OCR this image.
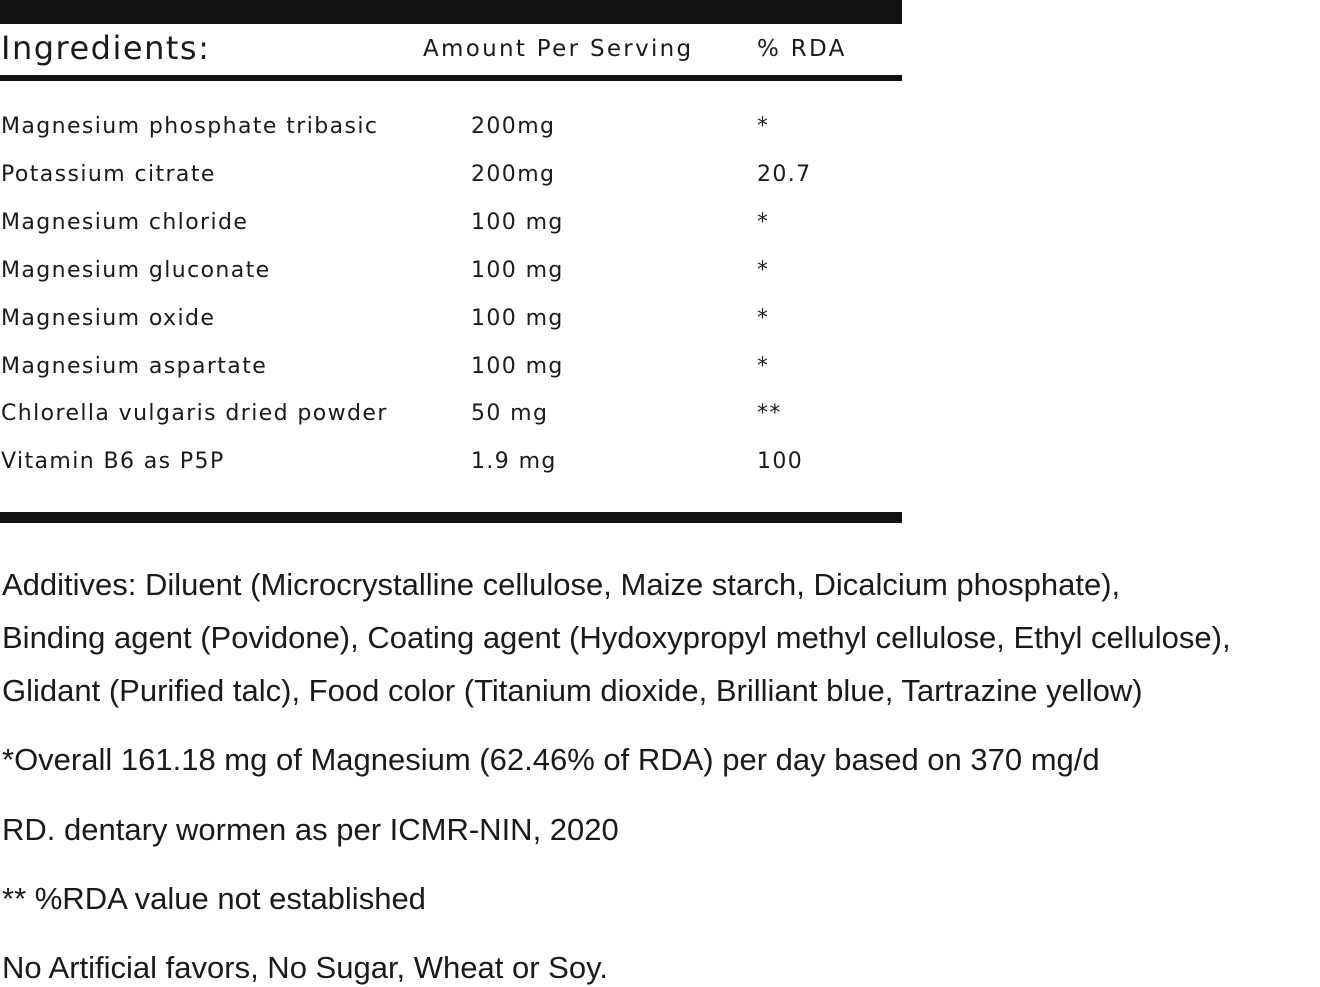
Ingredients:	Amount Per Serving	% RDA
Magnesium phosphate tribasic	200mg	*
Potassium citrate	200mg	20.7
Magnesium chloride	100 mg	*
Magnesium gluconate	100 mg	*
Magnesium oxide	100 mg	*
Magnesium aspartate	100 mg	*
Chlorella vulgaris dried powder	50 mg	**
Vitamin B6 as P5P	1.9 mg	100
Additives: Diluent (Microcrystalline cellulose, Maize starch, Dicalcium phosphate),
Binding agent (Povidone), Coating agent (Hydoxypropyl methyl cellulose, Ethyl cellulose),
Glidant (Purified talc), Food color (Titanium dioxide, Brilliant blue, Tartrazine yellow)
*Overall 161.18 mg of Magnesium (62.46% of RDA) per day based on 370 mg/d
RD. dentary wormen as per ICMR-NIN, 2020
** %RDA value not established
No Artificial favors, No Sugar, Wheat or Soy.
